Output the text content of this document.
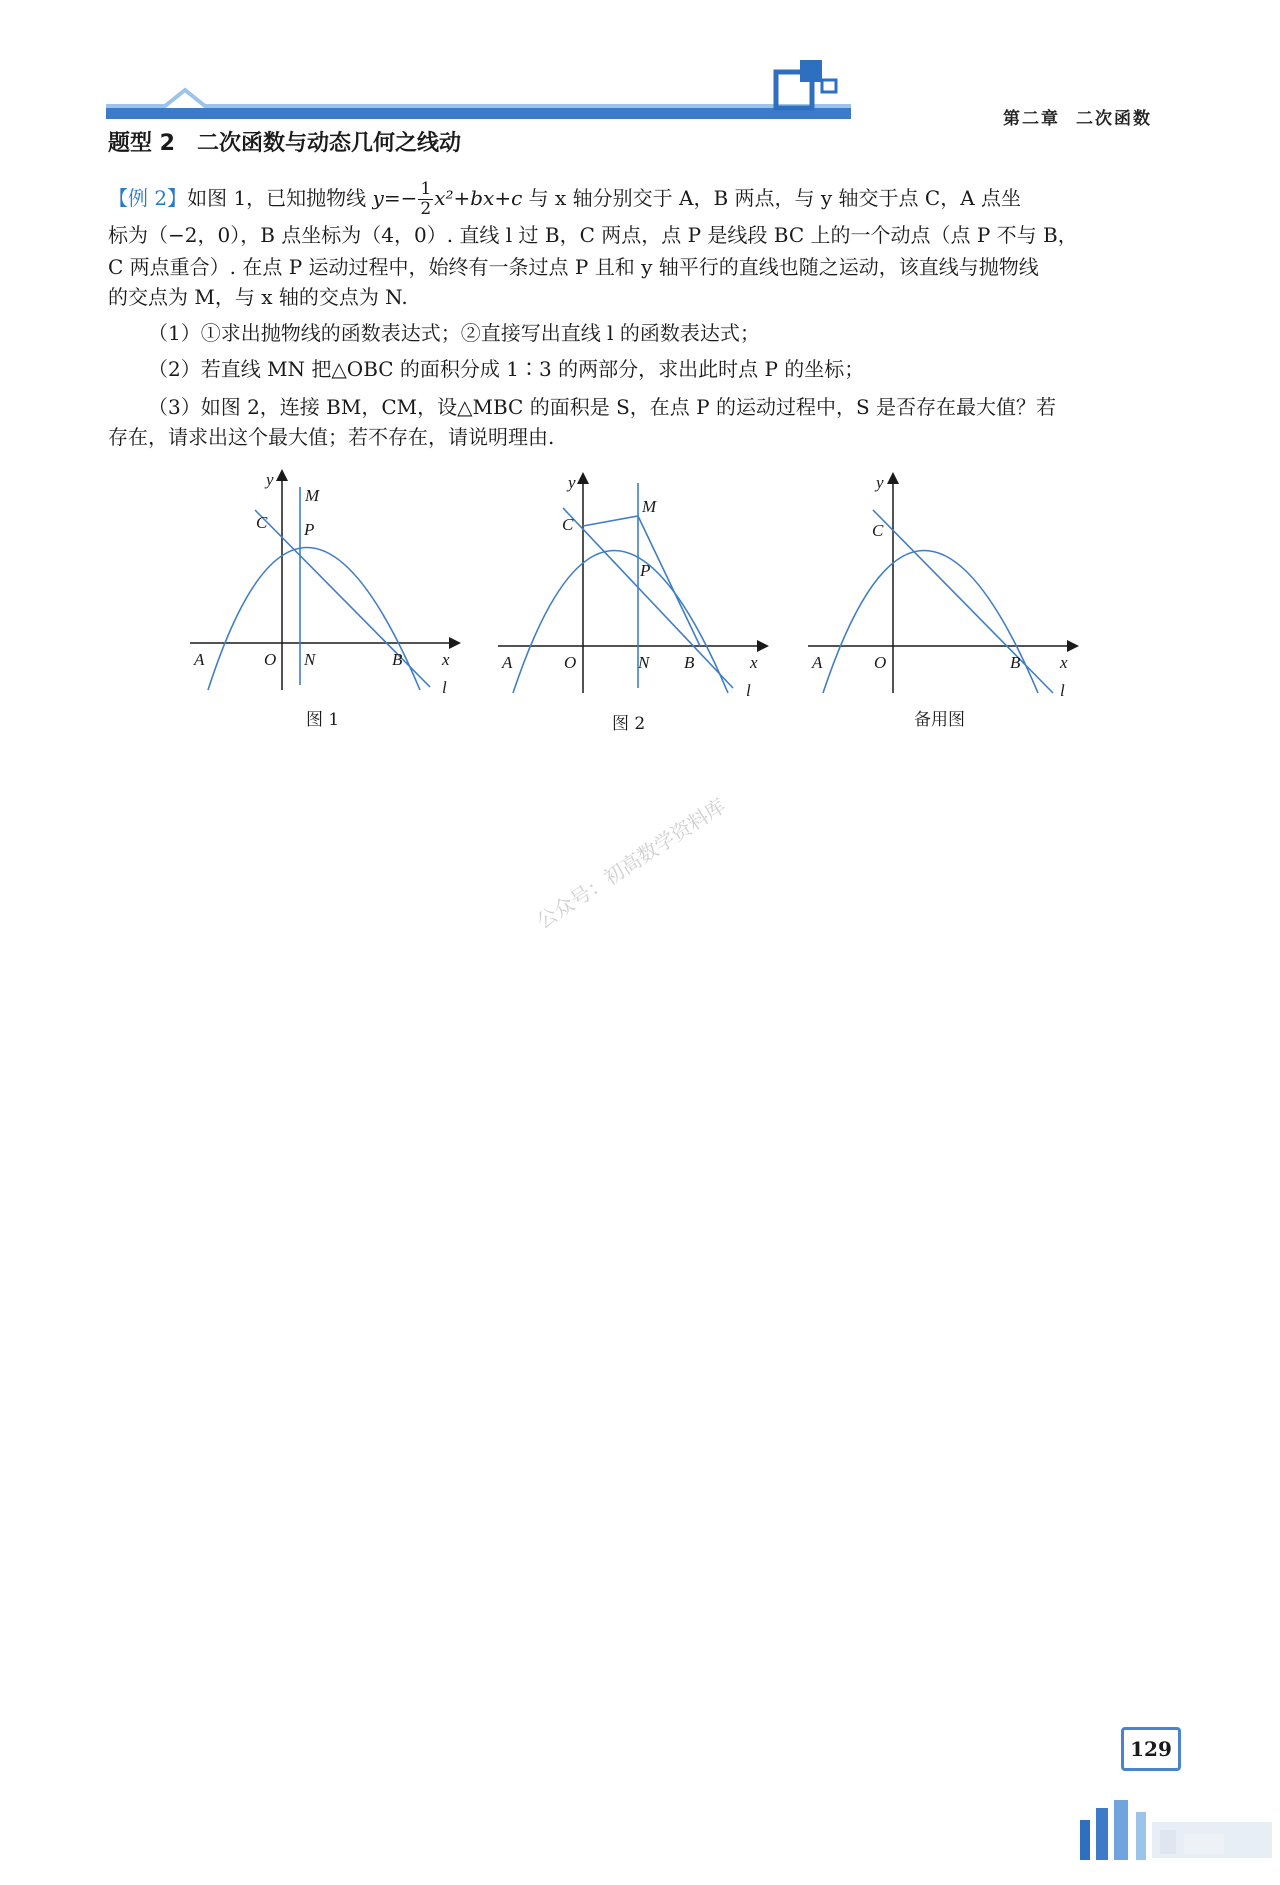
第二章 二次函数
题型 2 二次函数与动态几何之线动
【例 2】如图 1，已知抛物线 $y=- \frac{1}{2} x^2+bx+c$ 与 x 轴分别交于 A，B 两点，与 y 轴交于点 C，A 点坐
标为（−2，0），B 点坐标为（4，0）. 直线 l 过 B，C 两点，点 P 是线段 BC 上的一个动点（点 P 不与 B，
C 两点重合）. 在点 P 运动过程中，始终有一条过点 P 且和 y 轴平行的直线也随之运动，该直线与抛物线
的交点为 M，与 x 轴的交点为 N.
（1）①求出抛物线的函数表达式；②直接写出直线 l 的函数表达式；
（2）若直线 MN 把△OBC 的面积分成 1∶3 的两部分，求出此时点 P 的坐标；
（3）如图 2，连接 BM，CM，设△MBC 的面积是 S，在点 P 的运动过程中，S 是否存在最大值？若
存在，请求出这个最大值；若不存在，请说明理由.
y
M
C P
A	O N	B x
l
y
M
C
P
A	O	N B	x
l
y
C
A	O	B x
l
图 1	图 2	备用图
公众号：初高数学资料库
129
